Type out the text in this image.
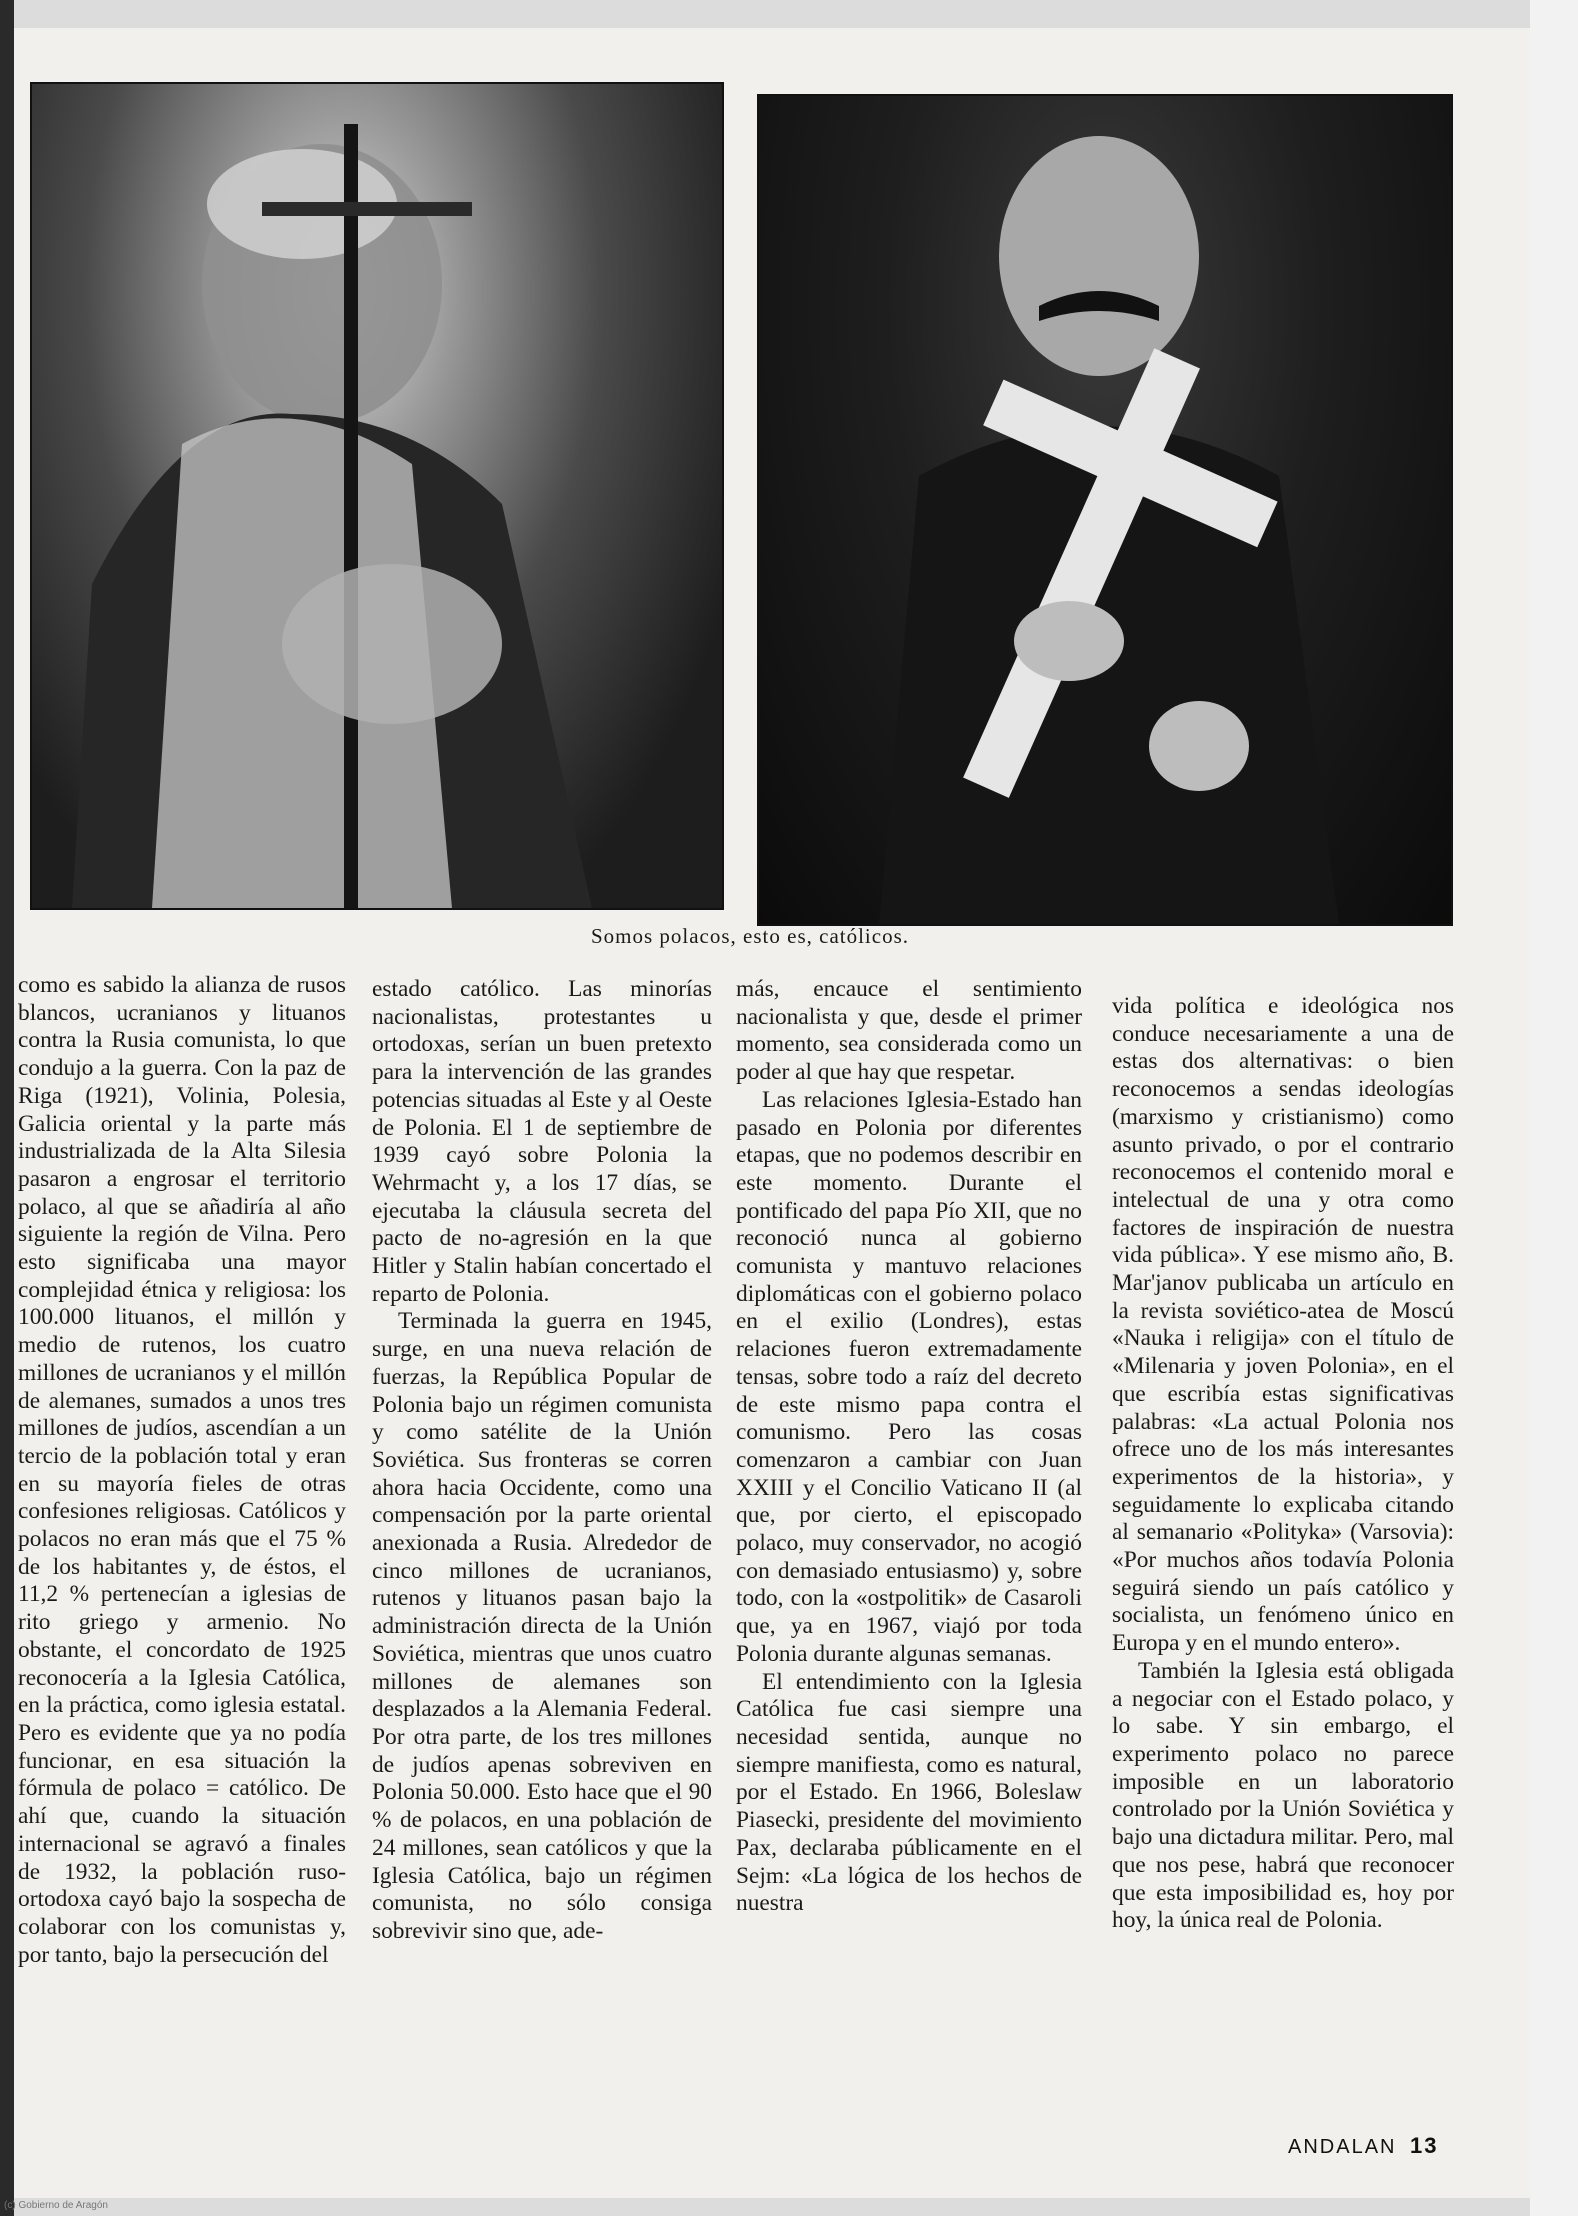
Somos polacos, esto es, católicos.

como es sabido la alianza de rusos blancos, ucranianos y lituanos contra la Rusia comunista, lo que condujo a la guerra. Con la paz de Riga (1921), Volinia, Polesia, Galicia oriental y la parte más industrializada de la Alta Silesia pasaron a engrosar el territorio polaco, al que se añadiría al año siguiente la región de Vilna. Pero esto significaba una mayor complejidad étnica y religiosa: los 100.000 lituanos, el millón y medio de rutenos, los cuatro millones de ucranianos y el millón de alemanes, sumados a unos tres millones de judíos, ascendían a un tercio de la población total y eran en su mayoría fieles de otras confesiones religiosas. Católicos y polacos no eran más que el 75 % de los habitantes y, de éstos, el 11,2 % pertenecían a iglesias de rito griego y armenio. No obstante, el concordato de 1925 reconocería a la Iglesia Católica, en la práctica, como iglesia estatal. Pero es evidente que ya no podía funcionar, en esa situación la fórmula de polaco = católico. De ahí que, cuando la situación internacional se agravó a finales de 1932, la población ruso-ortodoxa cayó bajo la sospecha de colaborar con los comunistas y, por tanto, bajo la persecución del

estado católico. Las minorías nacionalistas, protestantes u ortodoxas, serían un buen pretexto para la intervención de las grandes potencias situadas al Este y al Oeste de Polonia. El 1 de septiembre de 1939 cayó sobre Polonia la Wehrmacht y, a los 17 días, se ejecutaba la cláusula secreta del pacto de no-agresión en la que Hitler y Stalin habían concertado el reparto de Polonia.

Terminada la guerra en 1945, surge, en una nueva relación de fuerzas, la República Popular de Polonia bajo un régimen comunista y como satélite de la Unión Soviética. Sus fronteras se corren ahora hacia Occidente, como una compensación por la parte oriental anexionada a Rusia. Alrededor de cinco millones de ucranianos, rutenos y lituanos pasan bajo la administración directa de la Unión Soviética, mientras que unos cuatro millones de alemanes son desplazados a la Alemania Federal. Por otra parte, de los tres millones de judíos apenas sobreviven en Polonia 50.000. Esto hace que el 90 % de polacos, en una población de 24 millones, sean católicos y que la Iglesia Católica, bajo un régimen comunista, no sólo consiga sobrevivir sino que, ade-

más, encauce el sentimiento nacionalista y que, desde el primer momento, sea considerada como un poder al que hay que respetar.

Las relaciones Iglesia-Estado han pasado en Polonia por diferentes etapas, que no podemos describir en este momento. Durante el pontificado del papa Pío XII, que no reconoció nunca al gobierno comunista y mantuvo relaciones diplomáticas con el gobierno polaco en el exilio (Londres), estas relaciones fueron extremadamente tensas, sobre todo a raíz del decreto de este mismo papa contra el comunismo. Pero las cosas comenzaron a cambiar con Juan XXIII y el Concilio Vaticano II (al que, por cierto, el episcopado polaco, muy conservador, no acogió con demasiado entusiasmo) y, sobre todo, con la «ostpolitik» de Casaroli que, ya en 1967, viajó por toda Polonia durante algunas semanas.

El entendimiento con la Iglesia Católica fue casi siempre una necesidad sentida, aunque no siempre manifiesta, como es natural, por el Estado. En 1966, Boleslaw Piasecki, presidente del movimiento Pax, declaraba públicamente en el Sejm: «La lógica de los hechos de nuestra

vida política e ideológica nos conduce necesariamente a una de estas dos alternativas: o bien reconocemos a sendas ideologías (marxismo y cristianismo) como asunto privado, o por el contrario reconocemos el contenido moral e intelectual de una y otra como factores de inspiración de nuestra vida pública». Y ese mismo año, B. Mar'janov publicaba un artículo en la revista soviético-atea de Moscú «Nauka i religija» con el título de «Milenaria y joven Polonia», en el que escribía estas significativas palabras: «La actual Polonia nos ofrece uno de los más interesantes experimentos de la historia», y seguidamente lo explicaba citando al semanario «Polityka» (Varsovia): «Por muchos años todavía Polonia seguirá siendo un país católico y socialista, un fenómeno único en Europa y en el mundo entero».

También la Iglesia está obligada a negociar con el Estado polaco, y lo sabe. Y sin embargo, el experimento polaco no parece imposible en un laboratorio controlado por la Unión Soviética y bajo una dictadura militar. Pero, mal que nos pese, habrá que reconocer que esta imposibilidad es, hoy por hoy, la única real de Polonia.

ANDALAN 13
(c) Gobierno de Aragón
